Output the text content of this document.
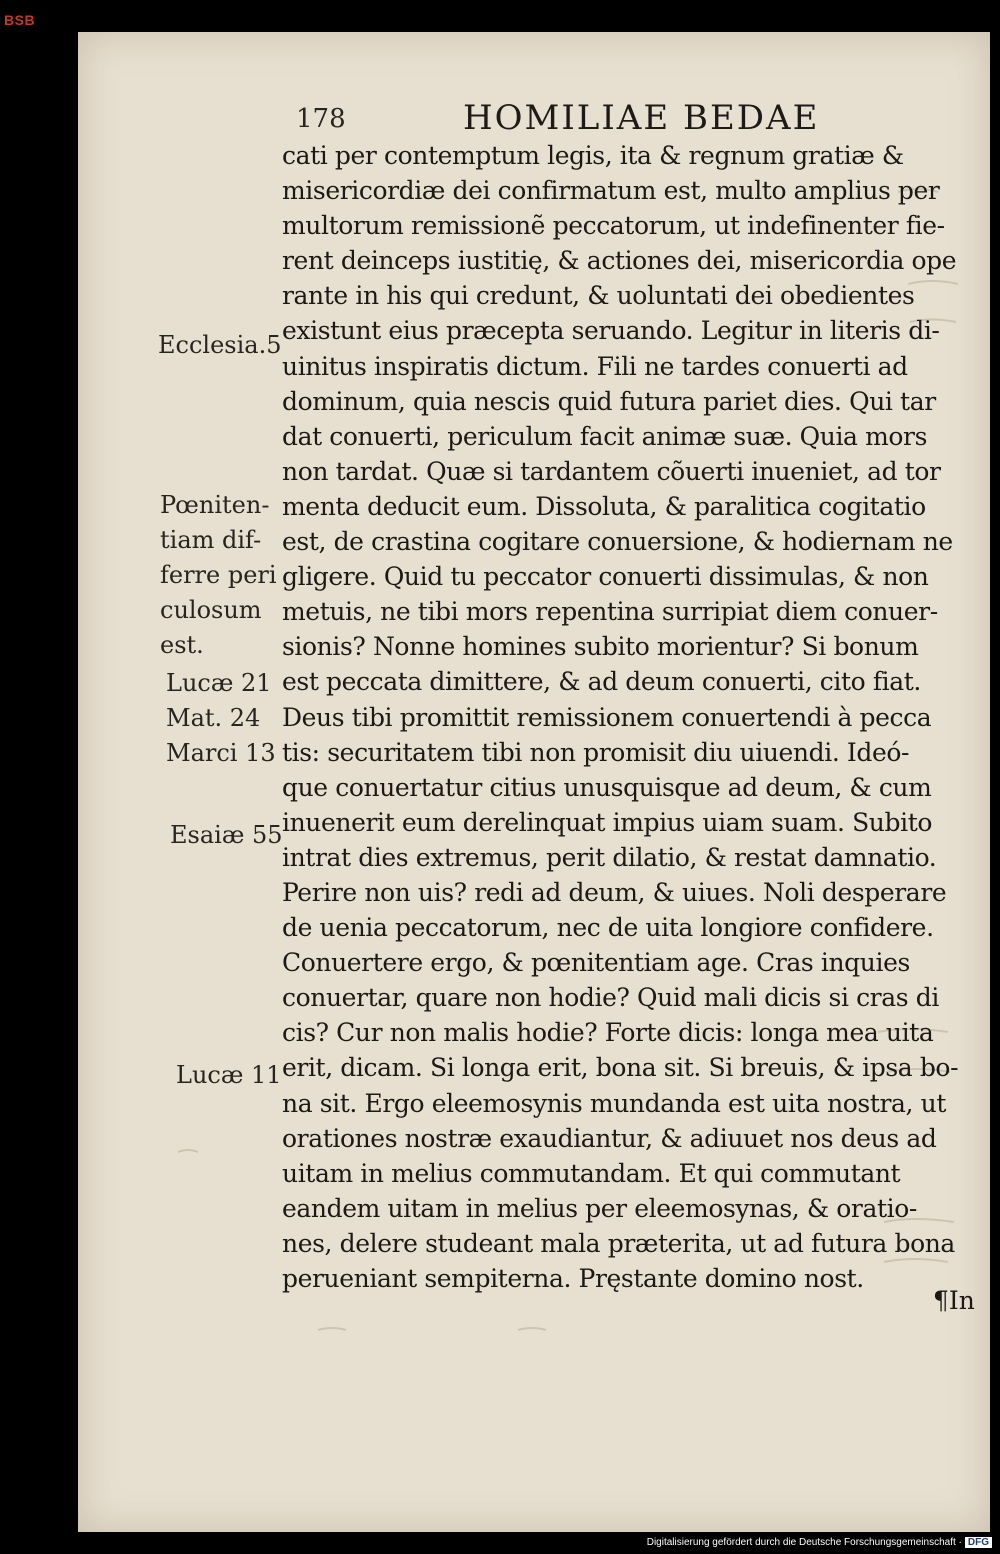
BSB
178	HOMILIAE BEDAE
cati per contemptum legis, ita & regnum gratiæ &
misericordiæ dei confirmatum est, multo amplius per
multorum remissionẽ peccatorum, ut indefinenter fie-
rent deinceps iustitię, & actiones dei, misericordia ope
rante in his qui credunt, & uoluntati dei obedientes
existunt eius præcepta seruando. Legitur in literis di-
uinitus inspiratis dictum. Fili ne tardes conuerti ad
dominum, quia nescis quid futura pariet dies. Qui tar
dat conuerti, periculum facit animæ suæ. Quia mors
non tardat. Quæ si tardantem cõuerti inueniet, ad tor
menta deducit eum. Dissoluta, & paralitica cogitatio
est, de crastina cogitare conuersione, & hodiernam ne
gligere. Quid tu peccator conuerti dissimulas, & non
metuis, ne tibi mors repentina surripiat diem conuer-
sionis? Nonne homines subito morientur? Si bonum
est peccata dimittere, & ad deum conuerti, cito fiat.
Deus tibi promittit remissionem conuertendi à pecca
tis: securitatem tibi non promisit diu uiuendi. Ideó-
que conuertatur citius unusquisque ad deum, & cum
inuenerit eum derelinquat impius uiam suam. Subito
intrat dies extremus, perit dilatio, & restat damnatio.
Perire non uis? redi ad deum, & uiues. Noli desperare
de uenia peccatorum, nec de uita longiore confidere.
Conuertere ergo, & pœnitentiam age. Cras inquies
conuertar, quare non hodie? Quid mali dicis si cras di
cis? Cur non malis hodie? Forte dicis: longa mea uita
erit, dicam. Si longa erit, bona sit. Si breuis, & ipsa bo-
na sit. Ergo eleemosynis mundanda est uita nostra, ut
orationes nostræ exaudiantur, & adiuuet nos deus ad
uitam in melius commutandam. Et qui commutant
eandem uitam in melius per eleemosynas, & oratio-
nes, delere studeant mala præterita, ut ad futura bona
perueniant sempiterna. Pręstante domino nost.
¶In
Ecclesia.5
Pœniten-
tiam dif-
ferre peri
culosum
est.
Lucæ 21
Mat. 24
Marci 13
Esaiæ 55
Lucæ 11
Digitalisierung gefördert durch die Deutsche Forschungsgemeinschaft · DFG
